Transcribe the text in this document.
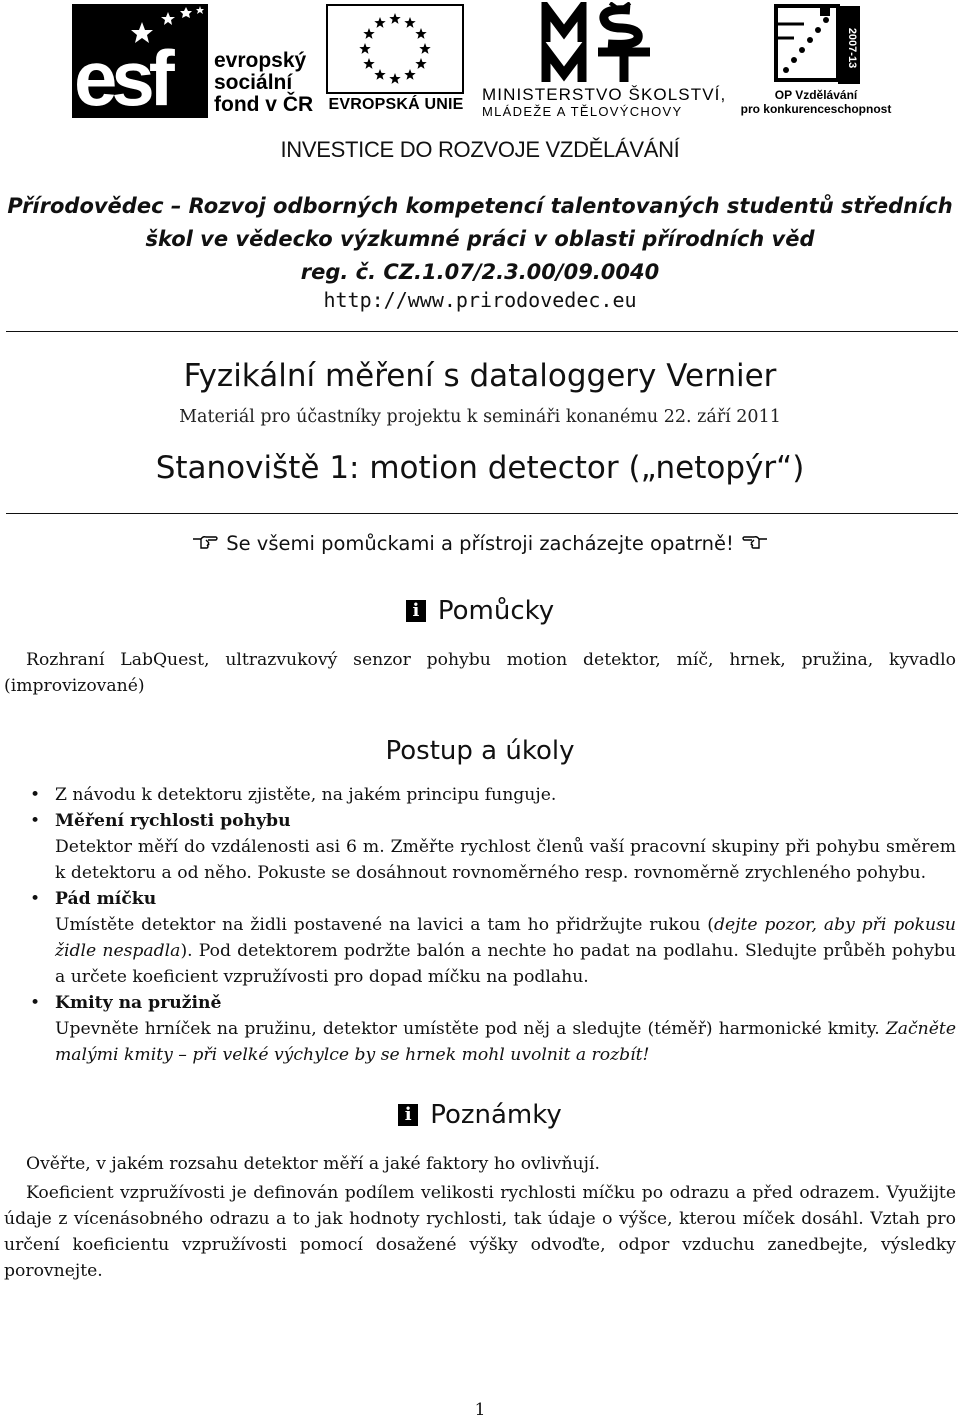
esf evropský
sociální
fond v ČR EVROPSKÁ UNIE
MINISTERSTVO ŠKOLSTVÍ,
MLÁDEŽE A TĚLOVÝCHOVY
2007-13
OP Vzdělávání
pro konkurenceschopnost
INVESTICE DO ROZVOJE VZDĚLÁVÁNÍ
Přírodovědec – Rozvoj odborných kompetencí talentovaných studentů středních
škol ve vědecko výzkumné práci v oblasti přírodních věd
reg. č. CZ.1.07/2.3.00/09.0040
http://www.prirodovedec.eu
Fyzikální měření s dataloggery Vernier
Materiál pro účastníky projektu k semináři konanému 22. září 2011
Stanoviště 1: motion detector („netopýr“)
Se všemi pomůckami a přístroji zacházejte opatrně!
i Pomůcky
Rozhraní LabQuest, ultrazvukový senzor pohybu motion detektor, míč, hrnek, pružina, kyvadlo (improvizované)
Postup a úkoly
• Z návodu k detektoru zjistěte, na jakém principu funguje.
• Měření rychlosti pohybu
Detektor měří do vzdálenosti asi 6 m. Změřte rychlost členů vaší pracovní skupiny při pohybu směrem k detektoru a od něho. Pokuste se dosáhnout rovnoměrného resp. rovnoměrně zrychleného pohybu.
• Pád míčku
Umístěte detektor na židli postavené na lavici a tam ho přidržujte rukou (dejte pozor, aby při pokusu židle nespadla). Pod detektorem podržte balón a nechte ho padat na podlahu. Sledujte průběh pohybu a určete koeficient vzpružívosti pro dopad míčku na podlahu.
• Kmity na pružině
Upevněte hrníček na pružinu, detektor umístěte pod něj a sledujte (téměř) harmonické kmity. Začněte malými kmity – při velké výchylce by se hrnek mohl uvolnit a rozbít!
i Poznámky
Ověřte, v jakém rozsahu detektor měří a jaké faktory ho ovlivňují.
Koeficient vzpružívosti je definován podílem velikosti rychlosti míčku po odrazu a před odrazem. Využijte údaje z vícenásobného odrazu a to jak hodnoty rychlosti, tak údaje o výšce, kterou míček dosáhl. Vztah pro určení koeficientu vzpružívosti pomocí dosažené výšky odvoďte, odpor vzduchu zanedbejte, výsledky porovnejte.
1
